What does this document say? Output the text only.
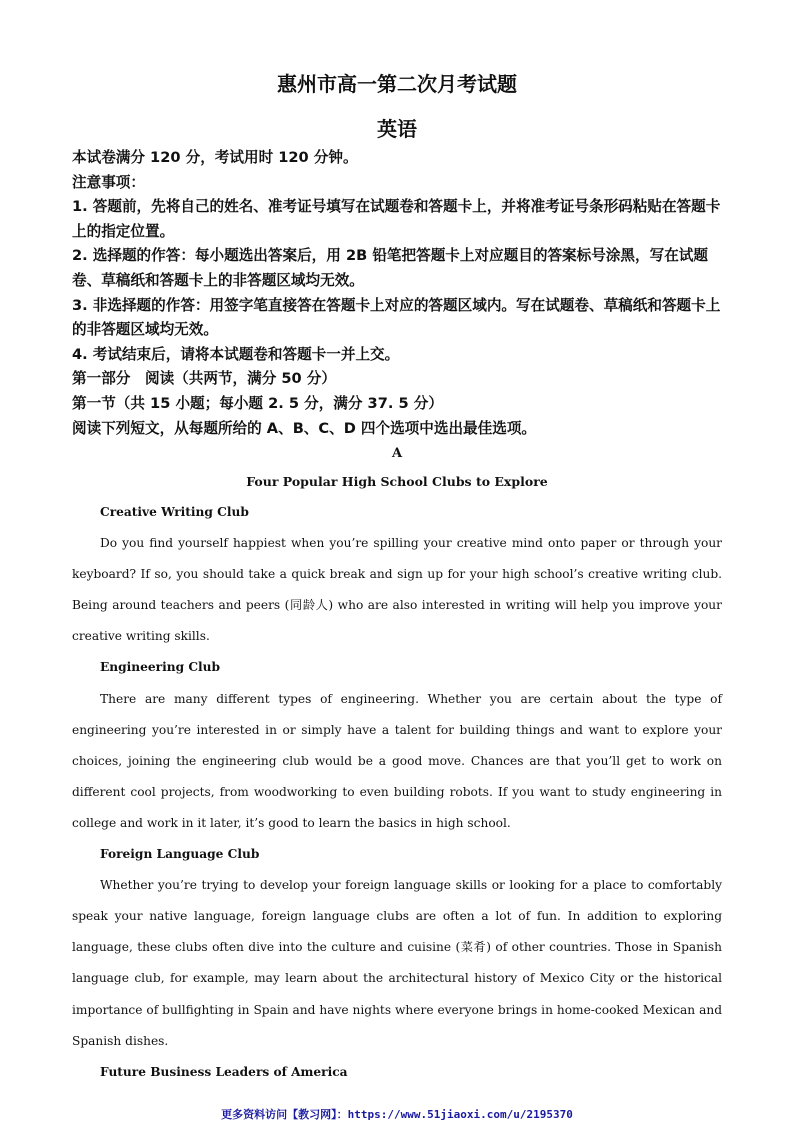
惠州市高一第二次月考试题
英语
本试卷满分 120 分，考试用时 120 分钟。
注意事项：
1. 答题前，先将自己的姓名、准考证号填写在试题卷和答题卡上，并将准考证号条形码粘贴在答题卡上的指定位置。
2. 选择题的作答：每小题选出答案后，用 2B 铅笔把答题卡上对应题目的答案标号涂黑，写在试题卷、草稿纸和答题卡上的非答题区域均无效。
3. 非选择题的作答：用签字笔直接答在答题卡上对应的答题区域内。写在试题卷、草稿纸和答题卡上的非答题区域均无效。
4. 考试结束后，请将本试题卷和答题卡一并上交。
第一部分　阅读（共两节，满分 50 分）
第一节（共 15 小题；每小题 2. 5 分，满分 37. 5 分）
阅读下列短文，从每题所给的 A、B、C、D 四个选项中选出最佳选项。
A
Four Popular High School Clubs to Explore
Creative Writing Club
Do you find yourself happiest when you’re spilling your creative mind onto paper or through your keyboard? If so, you should take a quick break and sign up for your high school’s creative writing club. Being around teachers and peers (同龄人) who are also interested in writing will help you improve your creative writing skills.
Engineering Club
There are many different types of engineering. Whether you are certain about the type of engineering you’re interested in or simply have a talent for building things and want to explore your choices, joining the engineering club would be a good move. Chances are that you’ll get to work on different cool projects, from woodworking to even building robots. If you want to study engineering in college and work in it later, it’s good to learn the basics in high school.
Foreign Language Club
Whether you’re trying to develop your foreign language skills or looking for a place to comfortably speak your native language, foreign language clubs are often a lot of fun. In addition to exploring language, these clubs often dive into the culture and cuisine (菜肴) of other countries. Those in Spanish language club, for example, may learn about the architectural history of Mexico City or the historical importance of bullfighting in Spain and have nights where everyone brings in home-cooked Mexican and Spanish dishes.
Future Business Leaders of America
更多资料访问【教习网】：https://www.51jiaoxi.com/u/2195370
